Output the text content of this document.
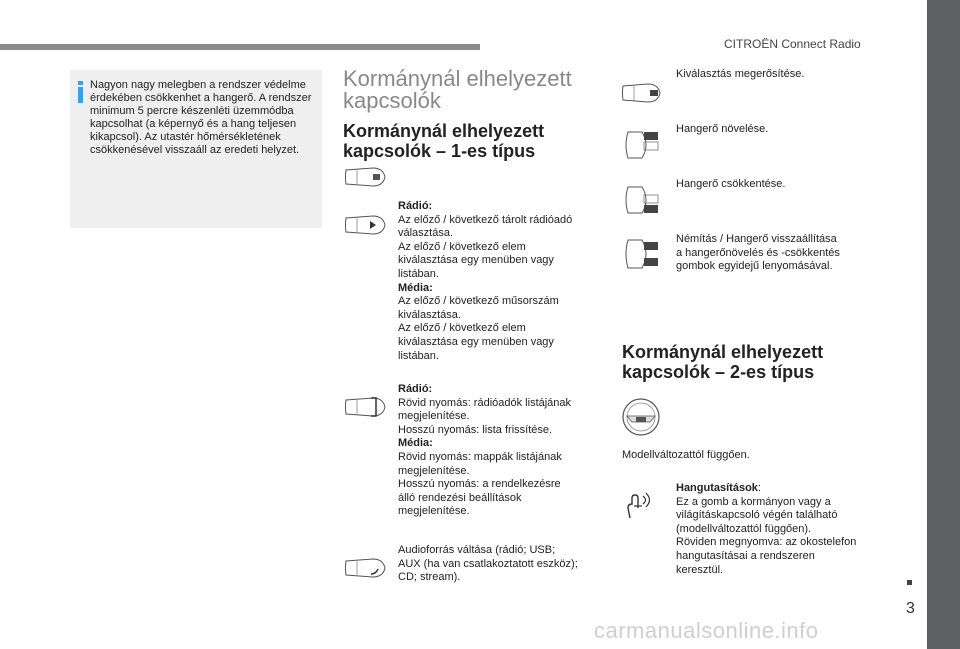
CITROËN Connect Radio
Nagyon nagy melegben a rendszer védelme érdekében csökkenhet a hangerő. A rendszer minimum 5 percre készenléti üzemmódba kapcsolhat (a képernyő és a hang teljesen kikapcsol). Az utastér hőmérsékletének csökkenésével visszaáll az eredeti helyzet.
Kormánynál elhelyezett
kapcsolók
Kormánynál elhelyezett
kapcsolók – 1-es típus
Rádió:
Az előző / következő tárolt rádióadó
választása.
Az előző / következő elem
kiválasztása egy menüben vagy
listában.
Média:
Az előző / következő műsorszám
kiválasztása.
Az előző / következő elem
kiválasztása egy menüben vagy
listában.
Rádió:
Rövid nyomás: rádióadók listájának
megjelenítése.
Hosszú nyomás: lista frissítése.
Média:
Rövid nyomás: mappák listájának
megjelenítése.
Hosszú nyomás: a rendelkezésre
álló rendezési beállítások
megjelenítése.
Audioforrás váltása (rádió; USB;
AUX (ha van csatlakoztatott eszköz);
CD; stream).
Kiválasztás megerősítése.
Hangerő növelése.
Hangerő csökkentése.
Némítás / Hangerő visszaállítása
a hangerőnövelés és -csökkentés
gombok egyidejű lenyomásával.
Kormánynál elhelyezett
kapcsolók – 2-es típus
Modellváltozattól függően.
Hangutasítások:
Ez a gomb a kormányon vagy a
világításkapcsoló végén található
(modellváltozattól függően).
Röviden megnyomva: az okostelefon
hangutasításai a rendszeren
keresztül.
3
carmanualsonline.info
